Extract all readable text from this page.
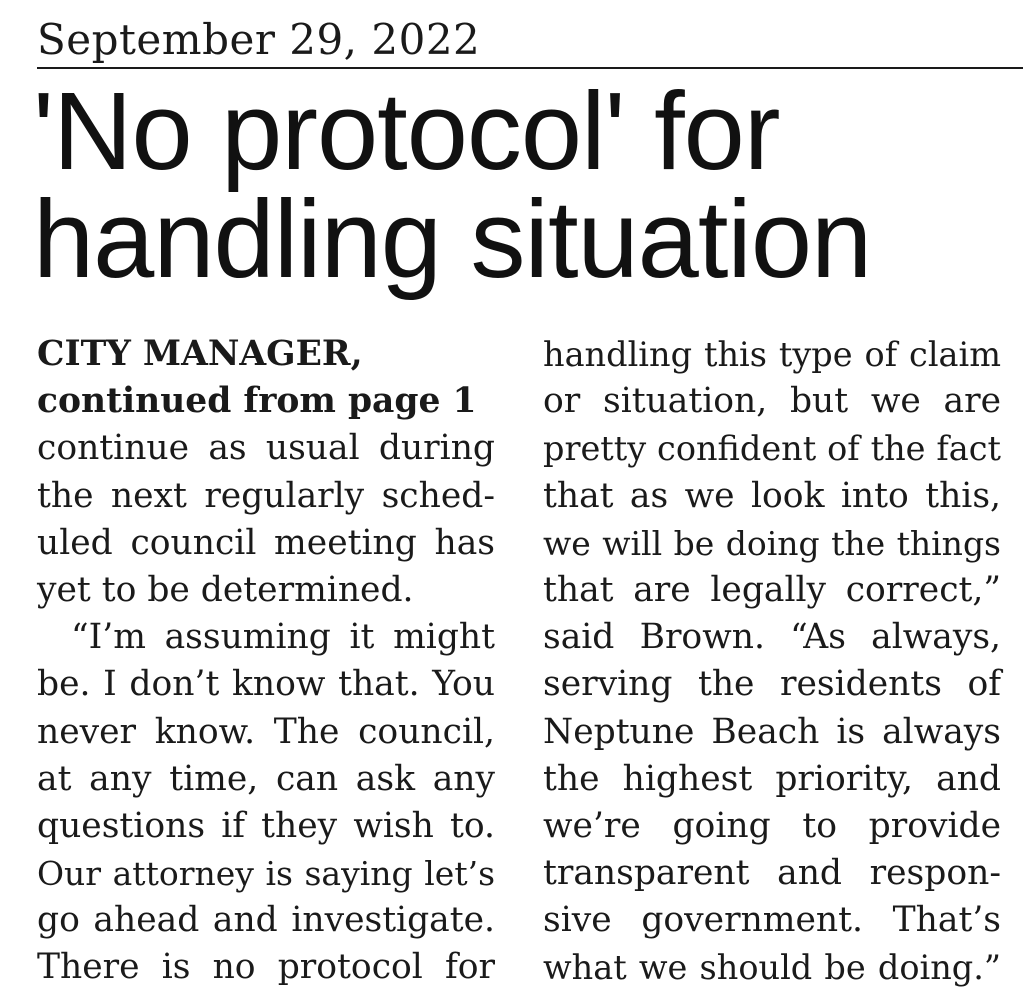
September 29, 2022
'No protocol' for
handling situation
CITY MANAGER,
continued from page 1
continue as usual during
the next regularly sched-
uled council meeting has
yet to be determined.
“I’m assuming it might
be. I don’t know that. You
never know. The council,
at any time, can ask any
questions if they wish to.
Our attorney is saying let’s
go ahead and investigate.
There is no protocol for
handling this type of claim
or situation, but we are
pretty confident of the fact
that as we look into this,
we will be doing the things
that are legally correct,”
said Brown. “As always,
serving the residents of
Neptune Beach is always
the highest priority, and
we’re going to provide
transparent and respon-
sive government. That’s
what we should be doing.”
